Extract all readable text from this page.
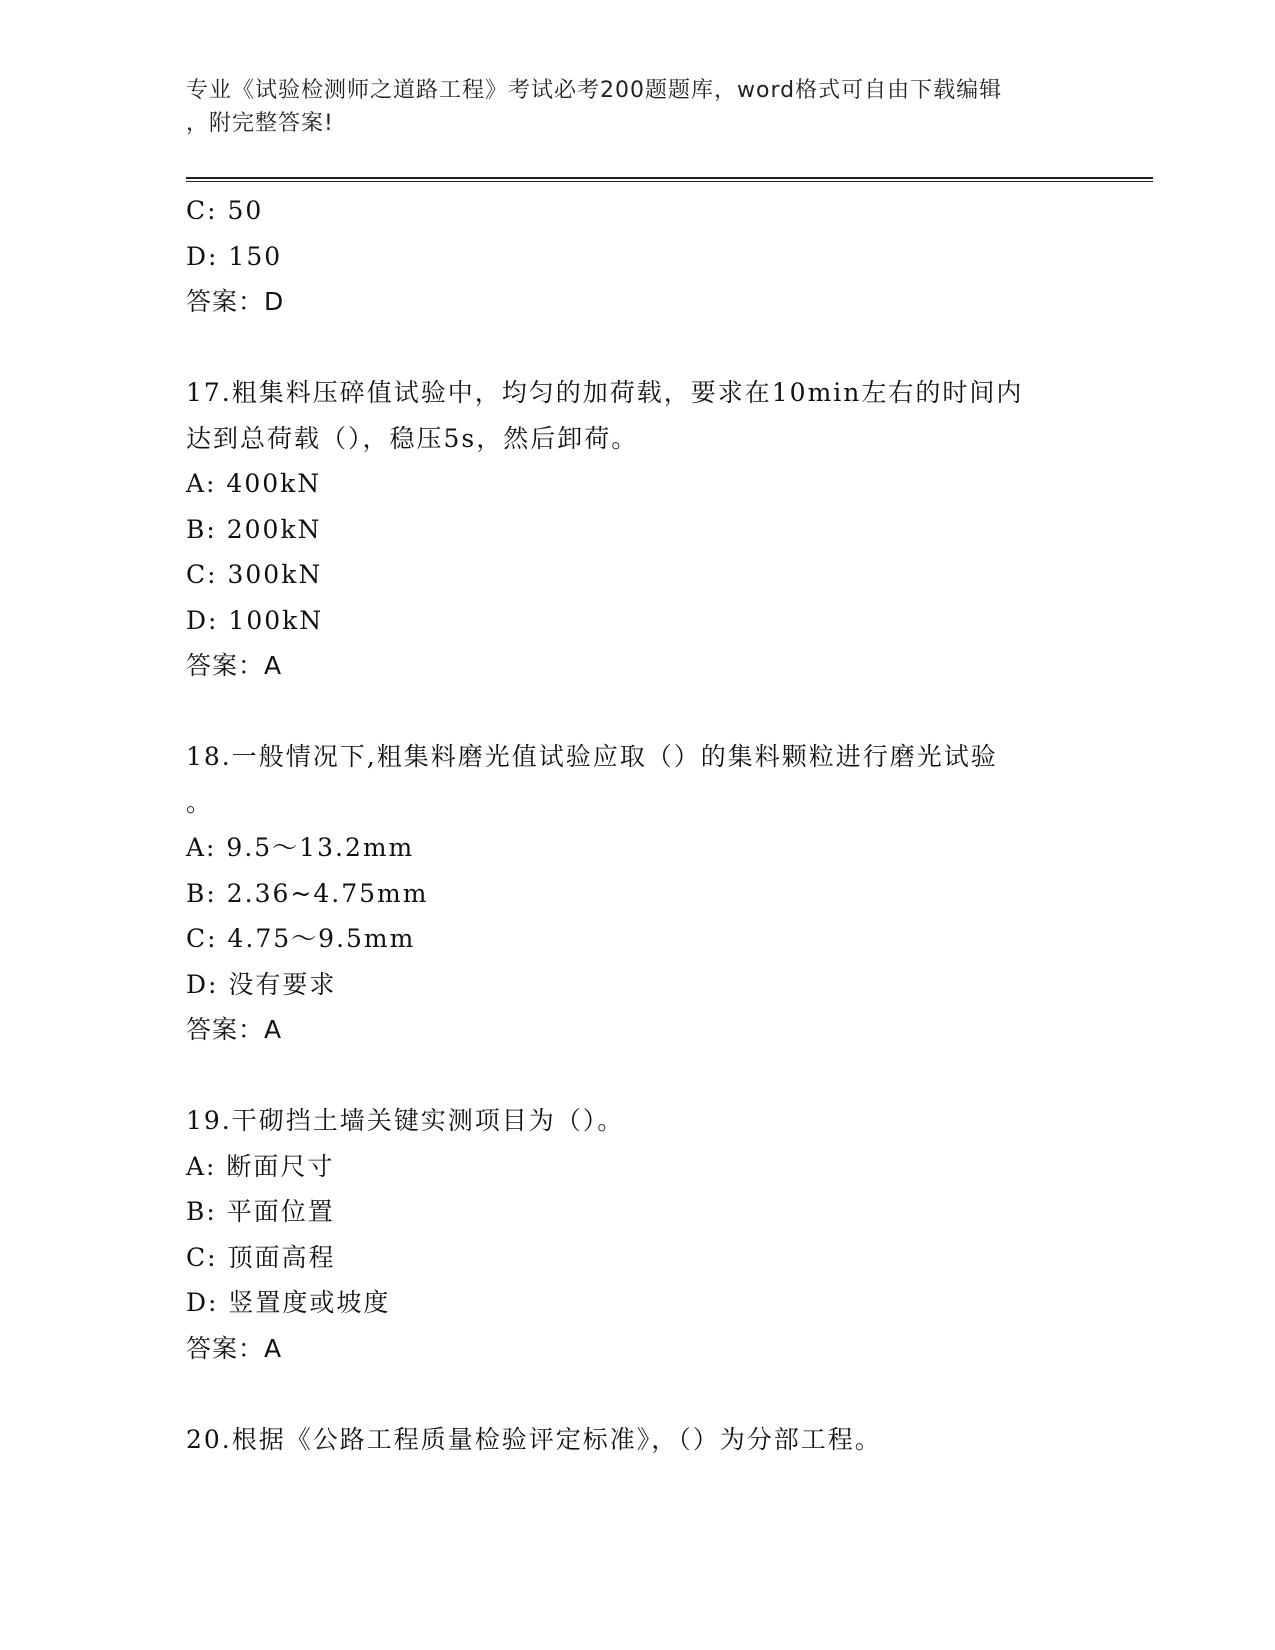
专业《试验检测师之道路工程》考试必考200题题库，word格式可自由下载编辑
，附完整答案!
C: 50
D: 150
答案：D
17.粗集料压碎值试验中，均匀的加荷载，要求在10min左右的时间内
达到总荷载（），稳压5s，然后卸荷。
A: 400kN
B: 200kN
C: 300kN
D: 100kN
答案：A
18.一般情况下,粗集料磨光值试验应取（）的集料颗粒进行磨光试验
。
A: 9.5～13.2mm
B: 2.36~4.75mm
C: 4.75～9.5mm
D: 没有要求
答案：A
19.干砌挡土墙关键实测项目为（）。
A: 断面尺寸
B: 平面位置
C: 顶面高程
D: 竖置度或坡度
答案：A
20.根据《公路工程质量检验评定标准》，（）为分部工程。
